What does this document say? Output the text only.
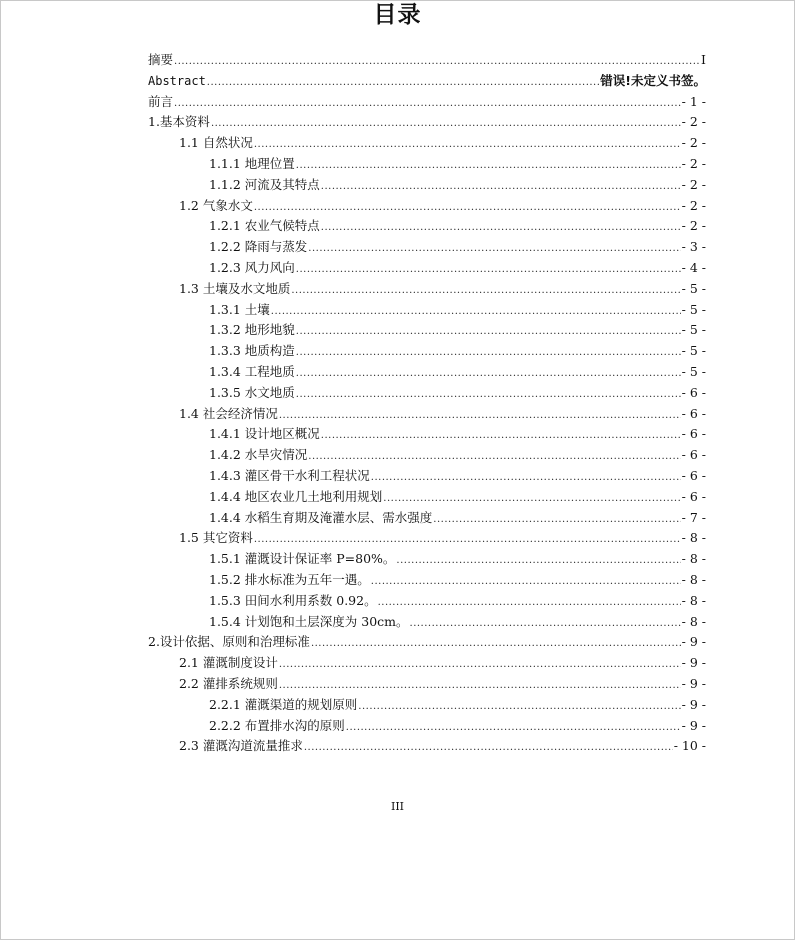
目录
摘要 .....	I
Abstract .....	错误!未定义书签。
前言 .....	- 1 -
1.基本资料 .....	- 2 -
1.1 自然状况 .....	- 2 -
1.1.1 地理位置 .....	- 2 -
1.1.2 河流及其特点 .....	- 2 -
1.2 气象水文 .....	- 2 -
1.2.1 农业气候特点 .....	- 2 -
1.2.2 降雨与蒸发 .....	- 3 -
1.2.3 风力风向 .....	- 4 -
1.3 土壤及水文地质 .....	- 5 -
1.3.1 土壤 .....	- 5 -
1.3.2 地形地貌 .....	- 5 -
1.3.3 地质构造 .....	- 5 -
1.3.4 工程地质 .....	- 5 -
1.3.5 水文地质 .....	- 6 -
1.4 社会经济情况 .....	- 6 -
1.4.1 设计地区概况 .....	- 6 -
1.4.2 水旱灾情况 .....	- 6 -
1.4.3 灌区骨干水利工程状况 .....	- 6 -
1.4.4 地区农业几土地利用规划 .....	- 6 -
1.4.4 水稻生育期及淹灌水层、需水强度 .....	- 7 -
1.5 其它资料 .....	- 8 -
1.5.1 灌溉设计保证率 P=80%。 .....	- 8 -
1.5.2 排水标准为五年一遇。 .....	- 8 -
1.5.3 田间水利用系数 0.92。 .....	- 8 -
1.5.4 计划饱和土层深度为 30cm。 .....	- 8 -
2.设计依据、原则和治理标准 .....	- 9 -
2.1 灌溉制度设计 .....	- 9 -
2.2 灌排系统规则 .....	- 9 -
2.2.1 灌溉渠道的规划原则 .....	- 9 -
2.2.2 布置排水沟的原则 .....	- 9 -
2.3 灌溉沟道流量推求 .....	- 10 -
III
